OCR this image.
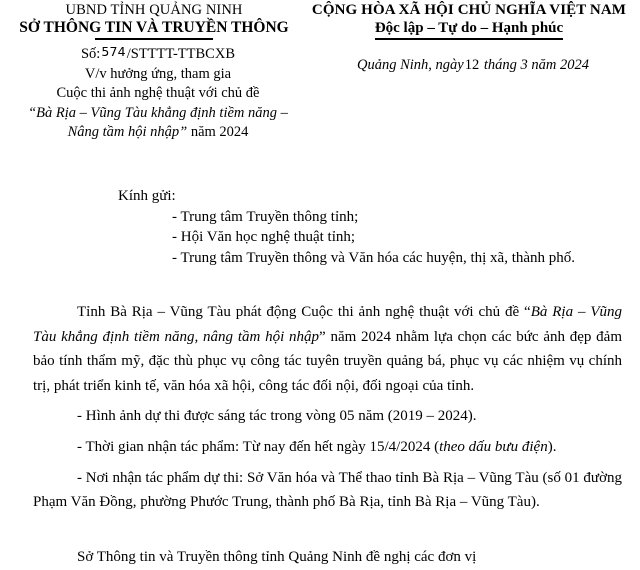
UBND TỈNH QUẢNG NINH
SỞ THÔNG TIN VÀ TRUYỀN THÔNG
CỘNG HÒA XÃ HỘI CHỦ NGHĨA VIỆT NAM
Độc lập – Tự do – Hạnh phúc
Số:574/STTTT-TTBCXB
V/v hưởng ứng, tham gia
Cuộc thi ảnh nghệ thuật với chủ đề
“Bà Rịa – Vũng Tàu khẳng định tiềm năng –
Nâng tầm hội nhập” năm 2024
Quảng Ninh, ngày12 tháng 3 năm 2024
Kính gửi:
- Trung tâm Truyền thông tỉnh;
- Hội Văn học nghệ thuật tỉnh;
- Trung tâm Truyền thông và Văn hóa các huyện, thị xã, thành phố.

Tỉnh Bà Rịa – Vũng Tàu phát động Cuộc thi ảnh nghệ thuật với chủ đề “Bà Rịa – Vũng Tàu khẳng định tiềm năng, nâng tầm hội nhập” năm 2024 nhằm lựa chọn các bức ảnh đẹp đảm bảo tính thẩm mỹ, đặc thù phục vụ công tác tuyên truyền quảng bá, phục vụ các nhiệm vụ chính trị, phát triển kinh tế, văn hóa xã hội, công tác đối nội, đối ngoại của tỉnh.

- Hình ảnh dự thi được sáng tác trong vòng 05 năm (2019 – 2024).

- Thời gian nhận tác phẩm: Từ nay đến hết ngày 15/4/2024 (theo dấu bưu điện).

- Nơi nhận tác phẩm dự thi: Sở Văn hóa và Thể thao tỉnh Bà Rịa – Vũng Tàu (số 01 đường Phạm Văn Đồng, phường Phước Trung, thành phố Bà Rịa, tỉnh Bà Rịa – Vũng Tàu).

Sở Thông tin và Truyền thông tỉnh Quảng Ninh đề nghị các đơn vị
